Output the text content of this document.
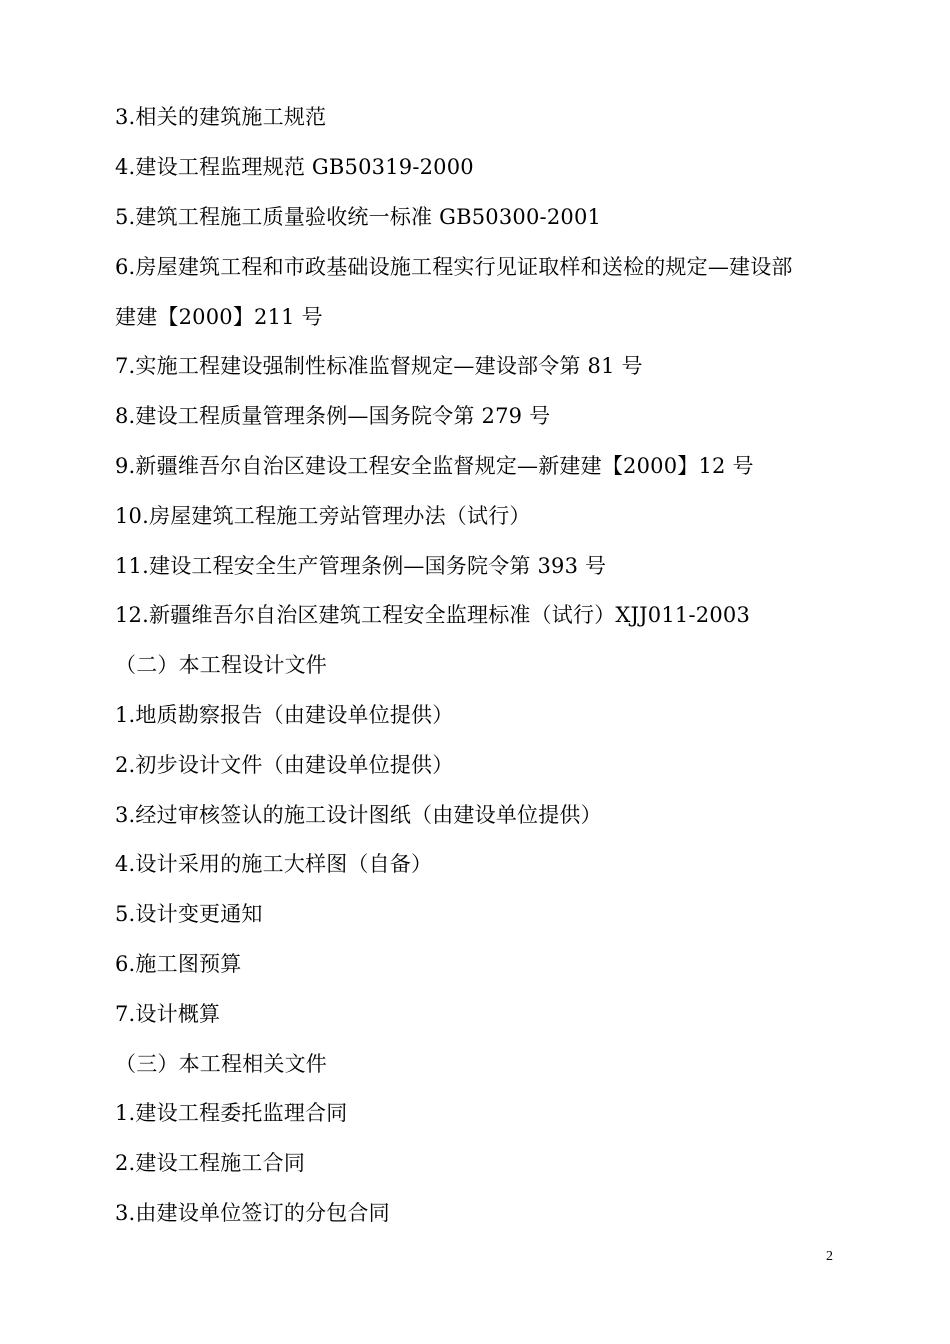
3.相关的建筑施工规范
4.建设工程监理规范 GB50319-2000
5.建筑工程施工质量验收统一标准 GB50300-2001
6.房屋建筑工程和市政基础设施工程实行见证取样和送检的规定—建设部
建建【2000】211 号
7.实施工程建设强制性标准监督规定—建设部令第 81 号
8.建设工程质量管理条例—国务院令第 279 号
9.新疆维吾尔自治区建设工程安全监督规定—新建建【2000】12 号
10.房屋建筑工程施工旁站管理办法（试行）
11.建设工程安全生产管理条例—国务院令第 393 号
12.新疆维吾尔自治区建筑工程安全监理标准（试行）XJJ011-2003
（二）本工程设计文件
1.地质勘察报告（由建设单位提供）
2.初步设计文件（由建设单位提供）
3.经过审核签认的施工设计图纸（由建设单位提供）
4.设计采用的施工大样图（自备）
5.设计变更通知
6.施工图预算
7.设计概算
（三）本工程相关文件
1.建设工程委托监理合同
2.建设工程施工合同
3.由建设单位签订的分包合同
2
